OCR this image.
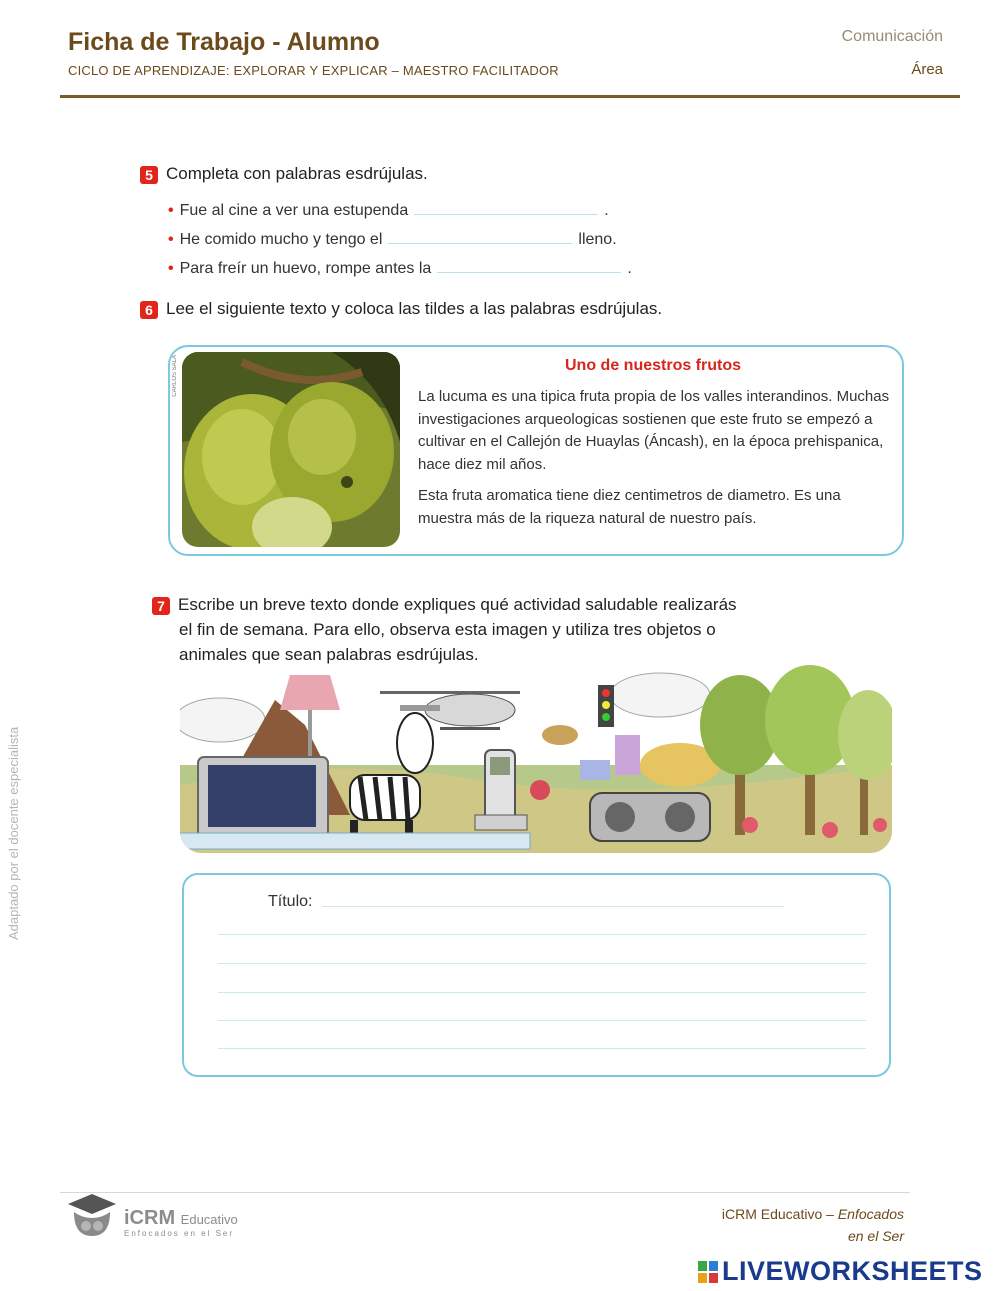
Ficha de Trabajo - Alumno
CICLO DE APRENDIZAJE: EXPLORAR Y EXPLICAR – MAESTRO FACILITADOR
Comunicación
Área
Adaptado por el docente especialista
5 Completa con palabras esdrújulas.
• Fue al cine a ver una estupenda	.
• He comido mucho y tengo el	lleno.
• Para freír un huevo, rompe antes la	.
6 Lee el siguiente texto y coloca las tildes a las palabras esdrújulas.
CARLOS SALA	Uno de nuestros frutos
La lucuma es una tipica fruta propia de los valles interandinos. Muchas investigaciones arqueologicas sostienen que este fruto se empezó a cultivar en el Callejón de Huaylas (Áncash), en la época prehispanica, hace diez mil años.
Esta fruta aromatica tiene diez centimetros de diametro. Es una muestra más de la riqueza natural de nuestro país.
7 Escribe un breve texto donde expliques qué actividad saludable realizarás
el fin de semana. Para ello, observa esta imagen y utiliza tres objetos o
animales que sean palabras esdrújulas.
Título:
iCRM Educativo
Enfocados en el Ser
iCRM Educativo – Enfocados
en el Ser
LIVEWORKSHEETS
